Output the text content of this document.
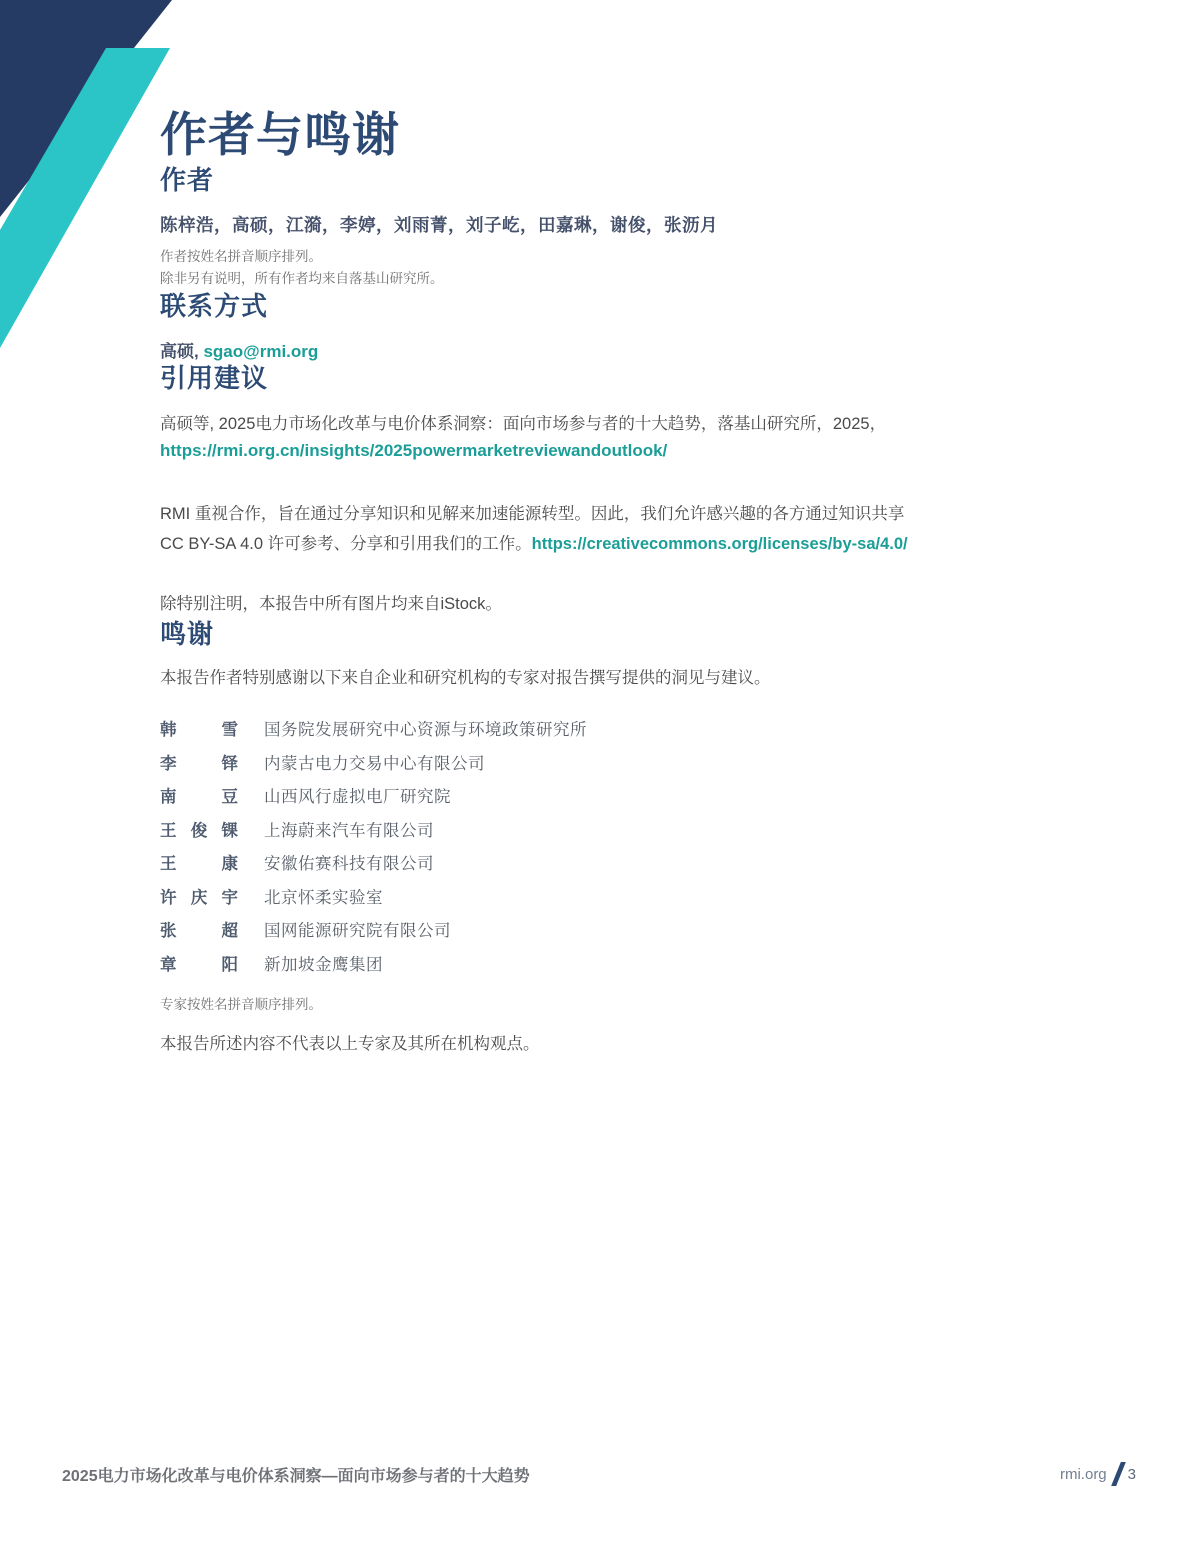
作者与鸣谢
作者

陈梓浩，高硕，江漪，李婷，刘雨菁，刘子屹，田嘉琳，谢俊，张沥月

作者按姓名拼音顺序排列。
除非另有说明，所有作者均来自落基山研究所。
联系方式

高硕, sgao@rmi.org

引用建议

高硕等, 2025电力市场化改革与电价体系洞察：面向市场参与者的十大趋势，落基山研究所，2025，

https://rmi.org.cn/insights/2025powermarketreviewandoutlook/

RMI 重视合作，旨在通过分享知识和见解来加速能源转型。因此，我们允许感兴趣的各方通过知识共享
CC BY-SA 4.0 许可参考、分享和引用我们的工作。https://creativecommons.org/licenses/by-sa/4.0/

除特别注明，本报告中所有图片均来自iStock。

鸣谢

本报告作者特别感谢以下来自企业和研究机构的专家对报告撰写提供的洞见与建议。

韩雪 国务院发展研究中心资源与环境政策研究所
李铎 内蒙古电力交易中心有限公司
南豆 山西风行虚拟电厂研究院
王俊锞 上海蔚来汽车有限公司
王康 安徽佑赛科技有限公司
许庆宇 北京怀柔实验室
张超 国网能源研究院有限公司
章阳 新加坡金鹰集团

专家按姓名拼音顺序排列。

本报告所述内容不代表以上专家及其所在机构观点。

2025电力市场化改革与电价体系洞察—面向市场参与者的十大趋势	rmi.org 3
